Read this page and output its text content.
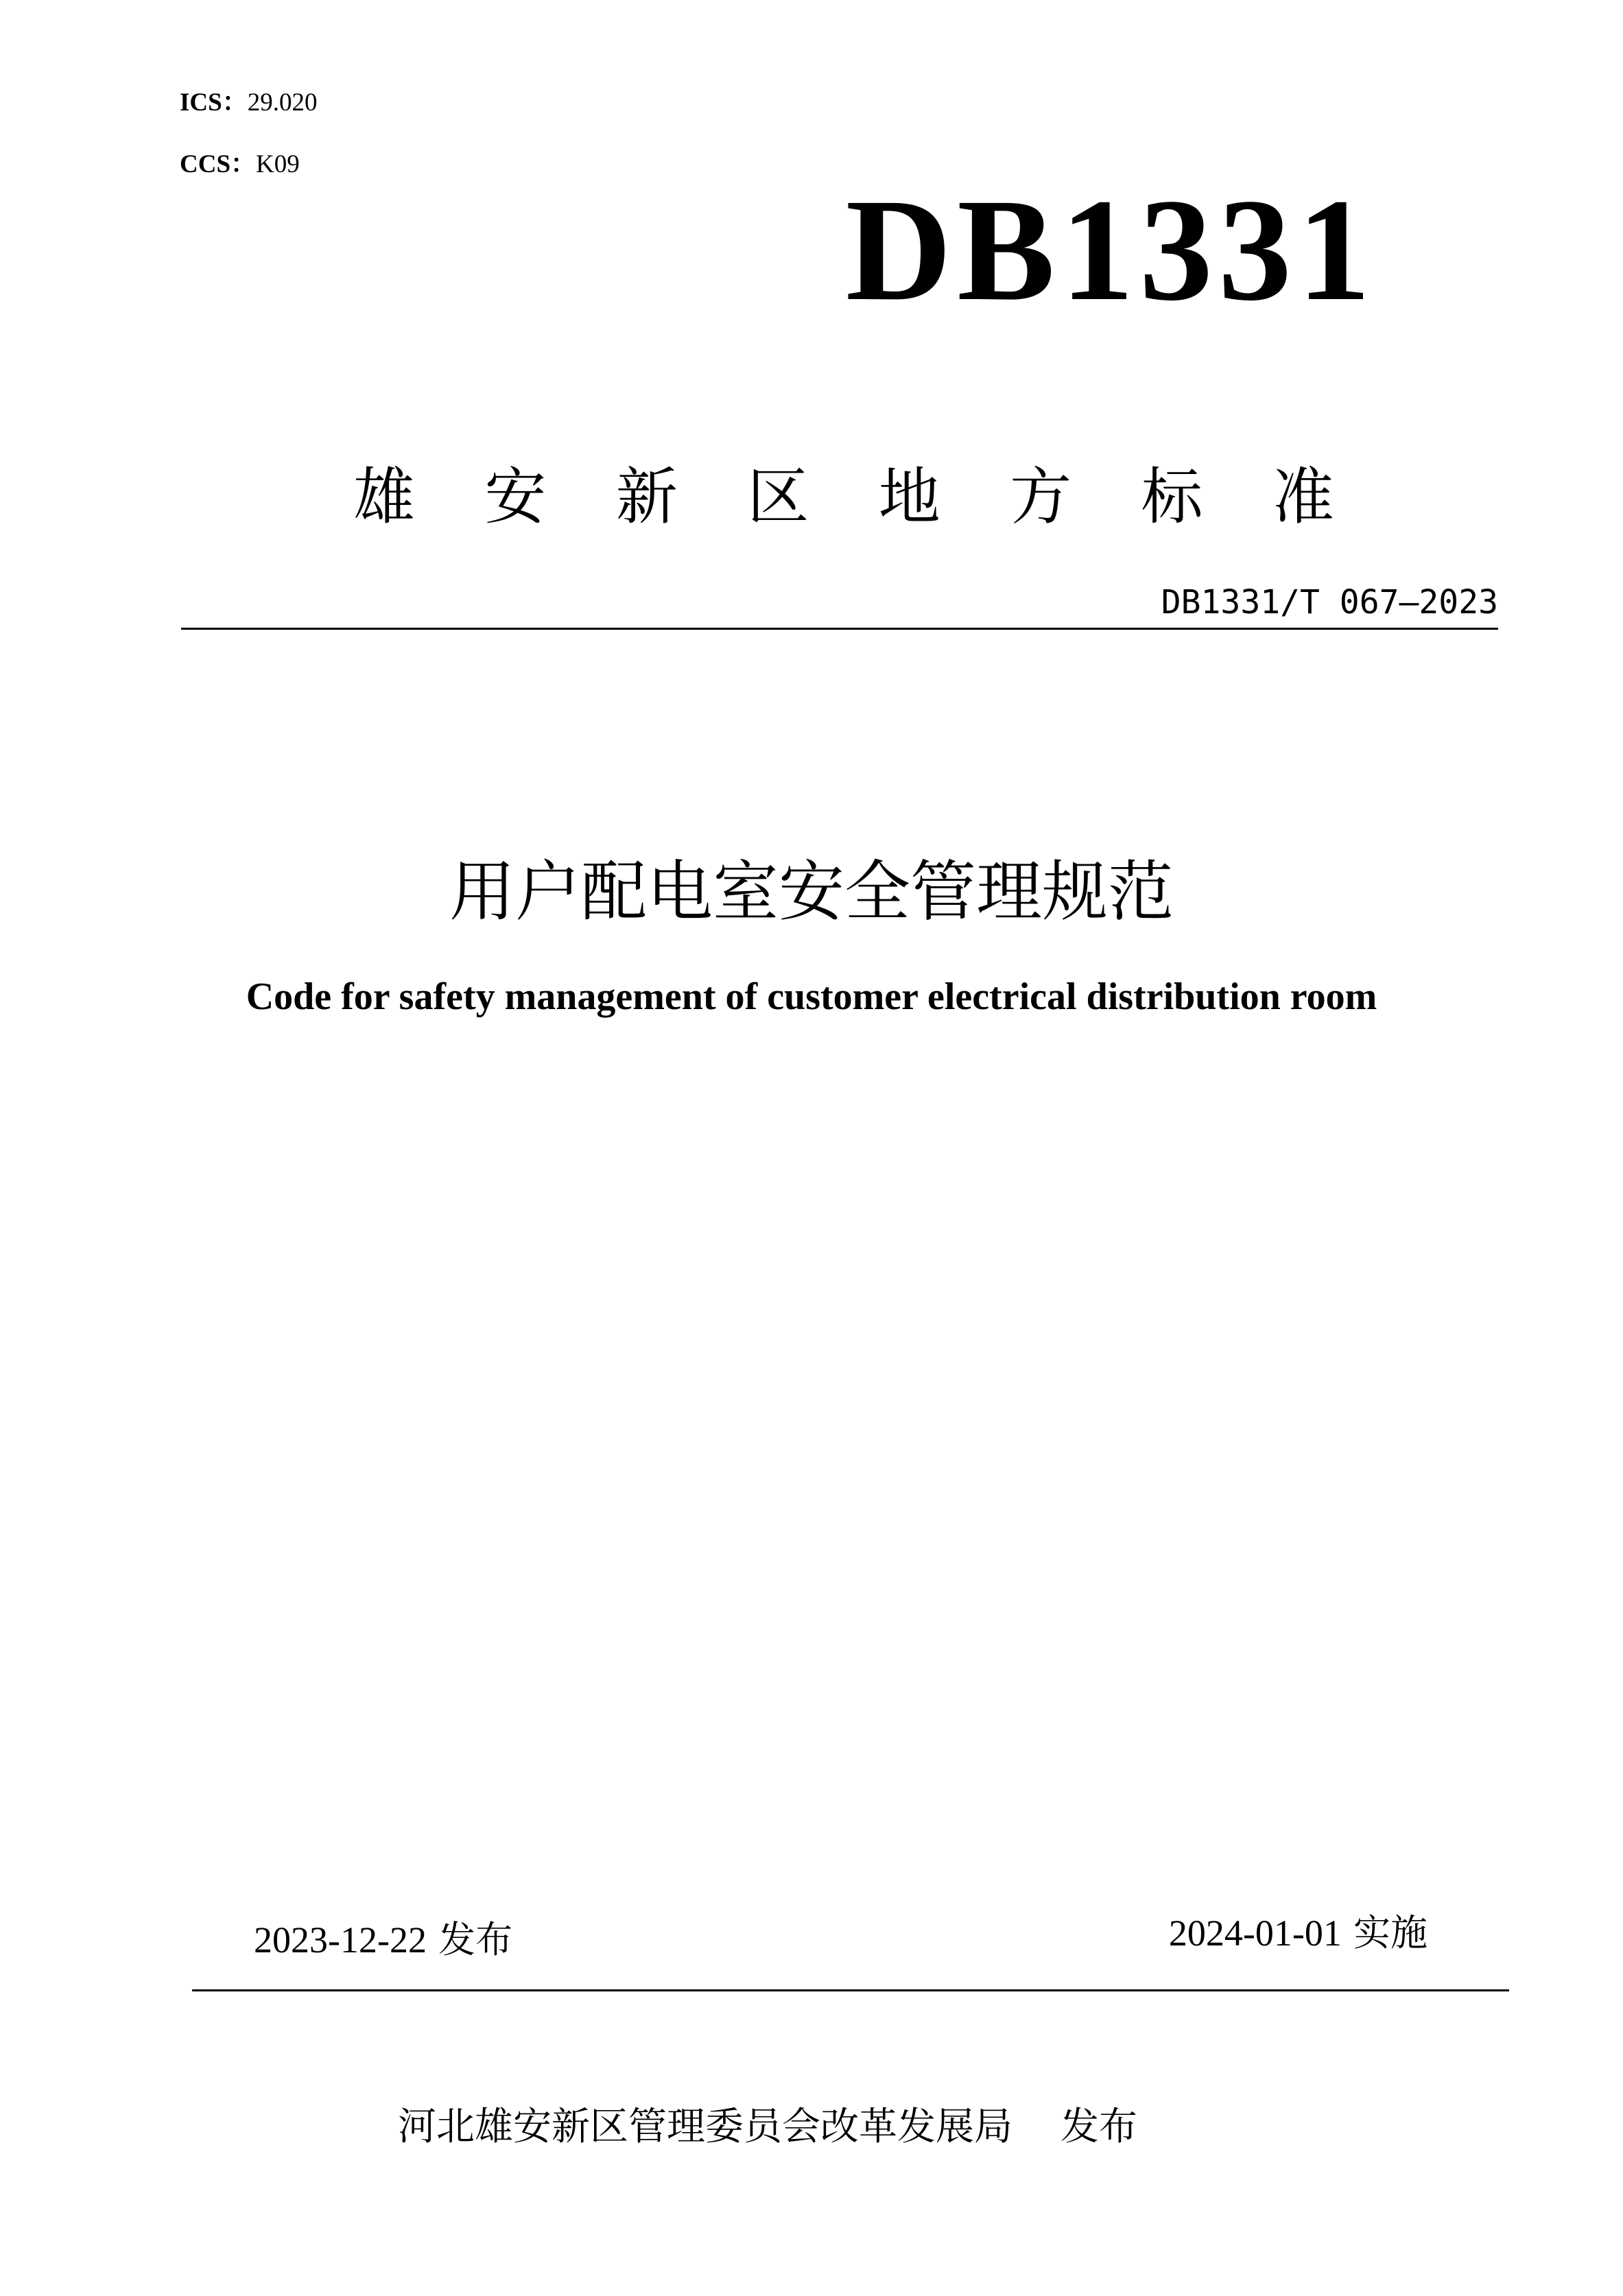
ICS：29.020
CCS：K09
DB1331
雄 安 新 区 地 方 标 准
DB1331/T 067—2023
用户配电室安全管理规范
Code for safety management of customer electrical distribution room
2023-12-22 发布	2024-01-01 实施
河北雄安新区管理委员会改革发展局 发布
